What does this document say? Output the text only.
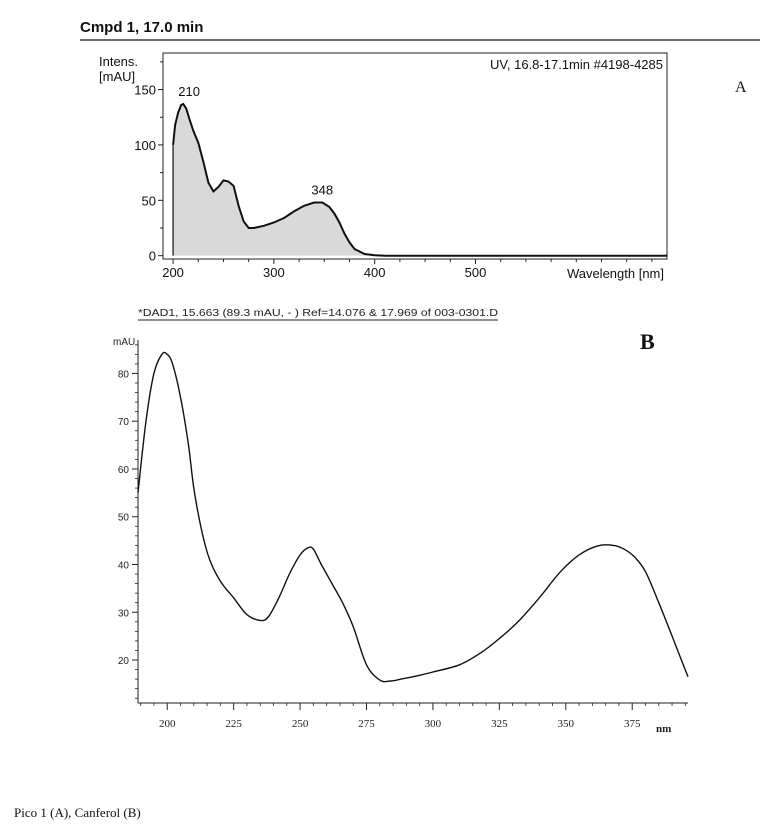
Cmpd 1, 17.0 min
210
348
200	300	400	500
0
50
100
150
Intens.
[mAU]
UV, 16.8-17.1min #4198-4285
Wavelength [nm]
A
*DAD1, 15.663 (89.3 mAU, - ) Ref=14.076 & 17.969 of 003-0301.D
B
mAU
200	225	250	275	300	325	350	375
20
30
40
50
60
70
80
nm
Pico 1 (A), Canferol (B)
